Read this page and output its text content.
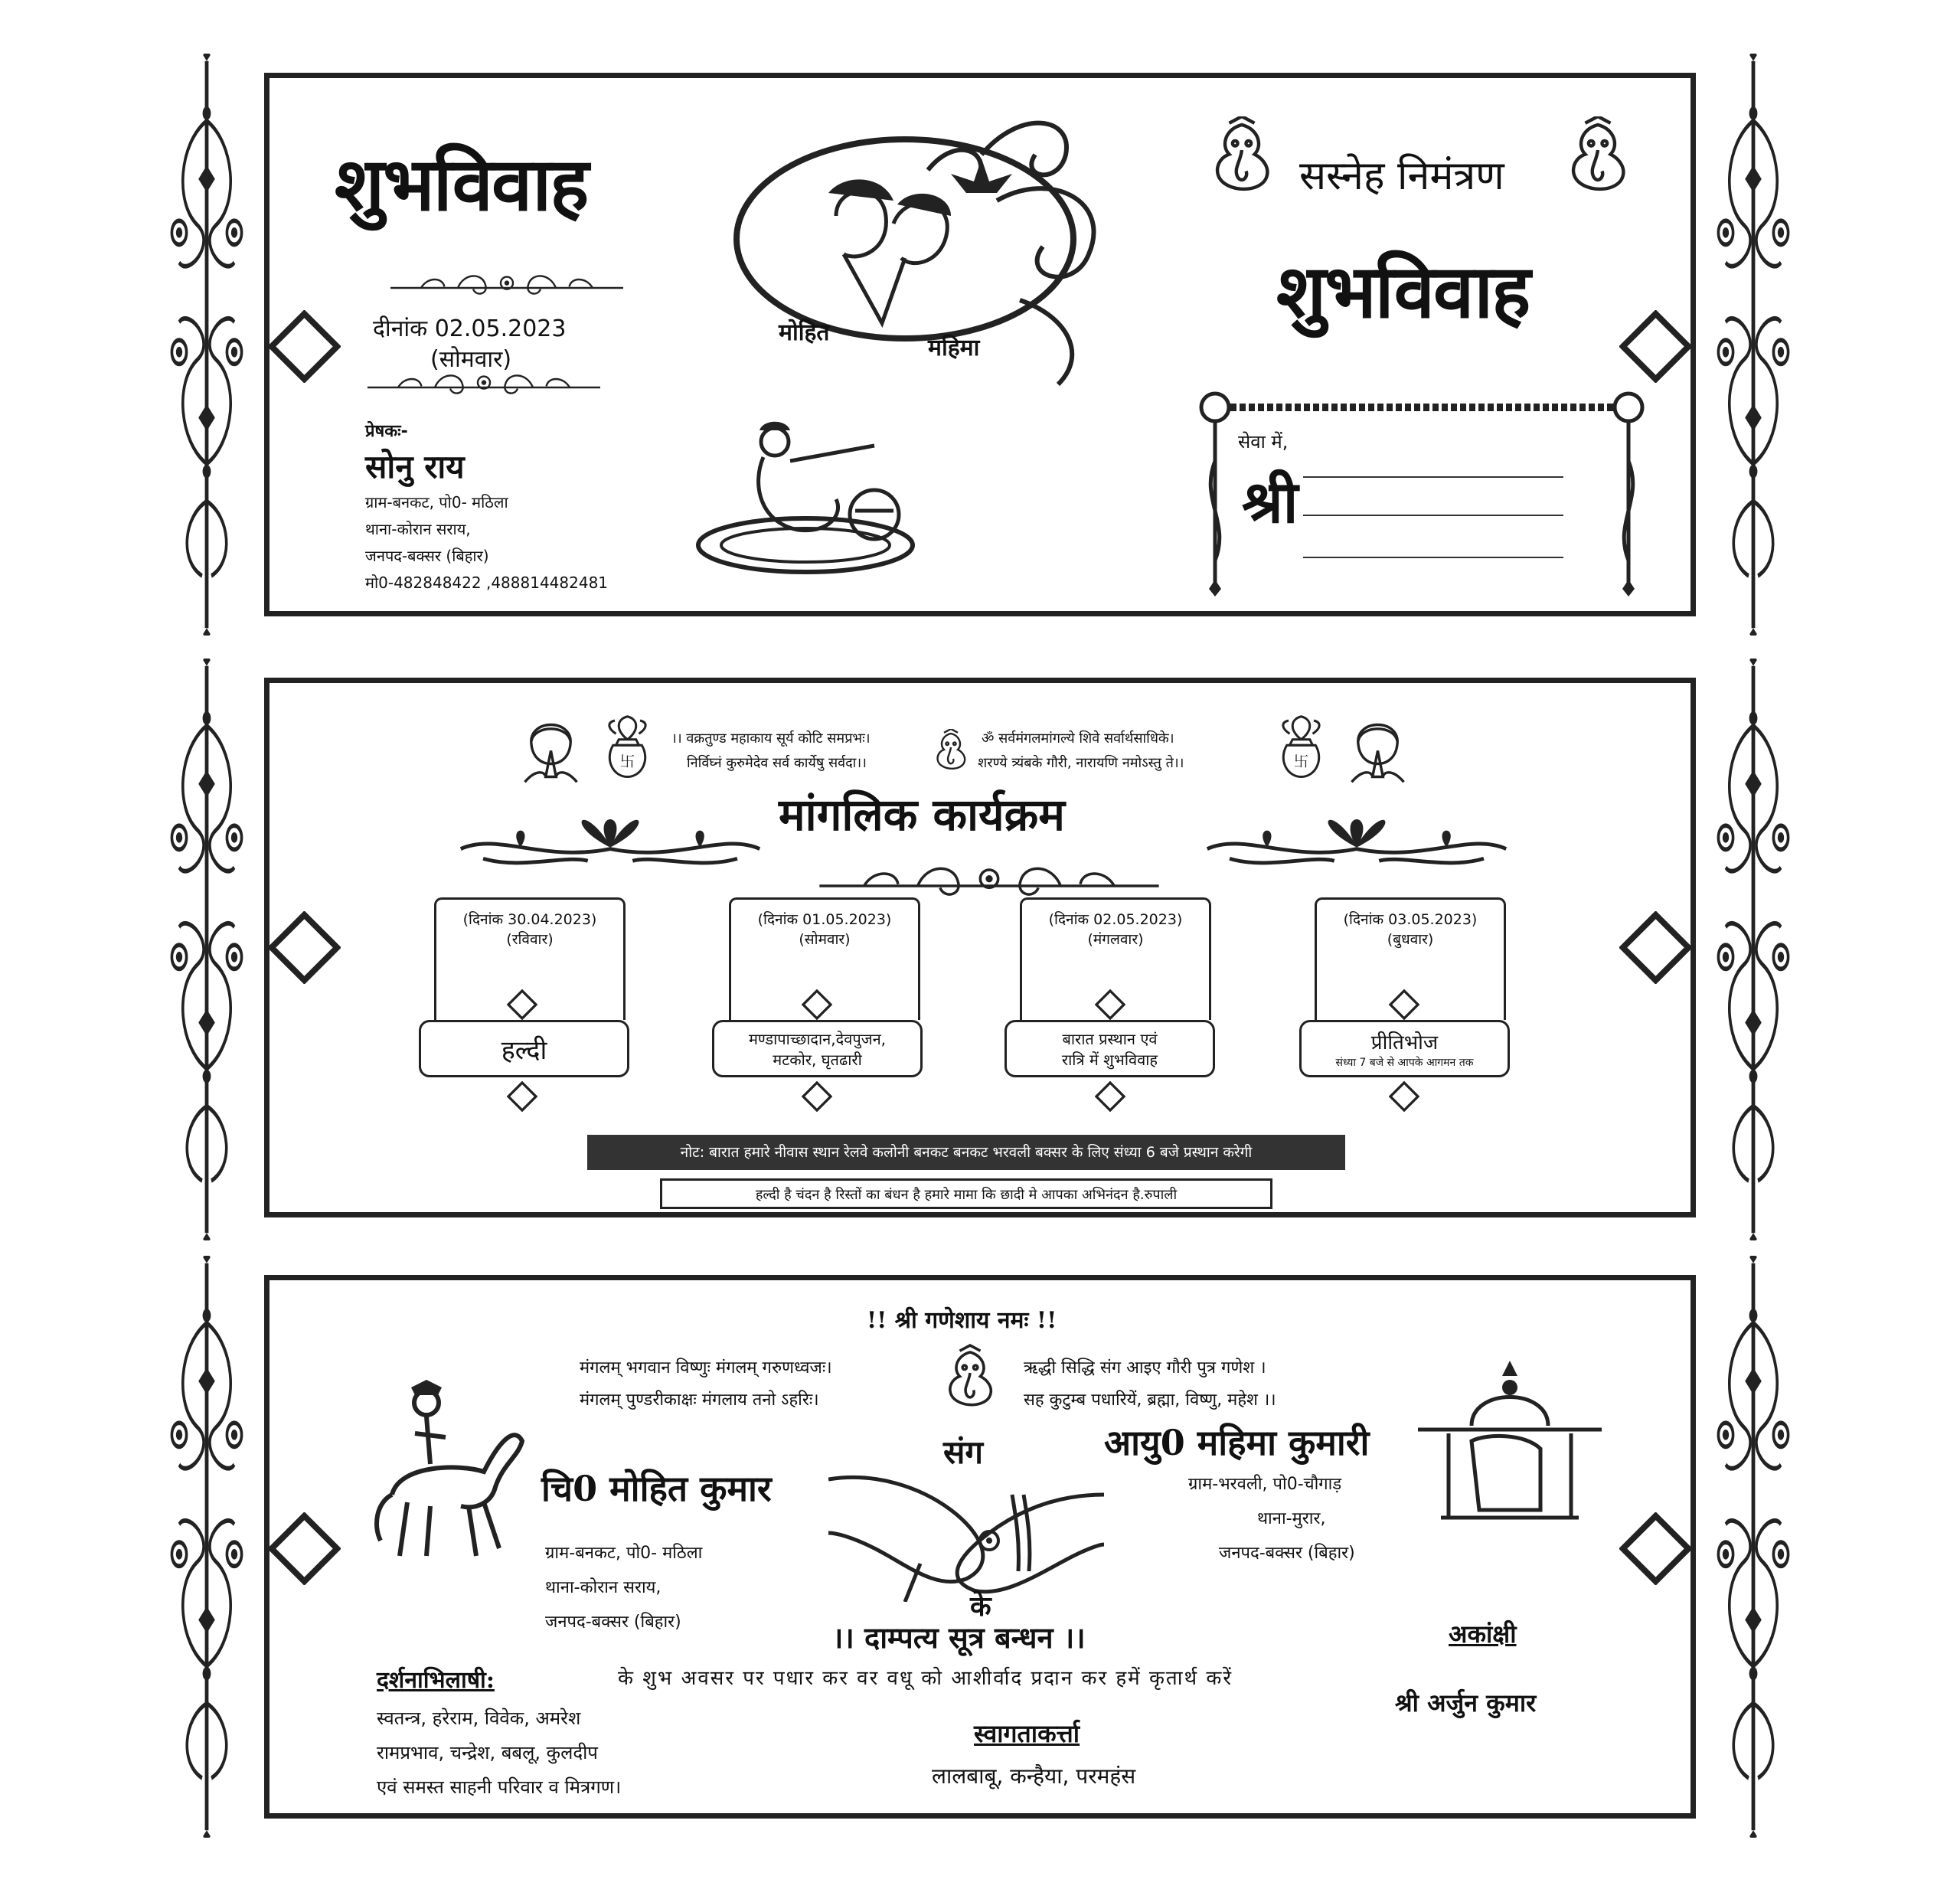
शुभविवाह
दीनांक 02.05.2023
(सोमवार)
प्रेषकः-
सोनु राय
ग्राम-बनकट, पो0- मठिला
थाना-कोरान सराय,
जनपद-बक्सर (बिहार)
मो0-482848422 ,488814482481
मोहित
महिमा
सस्नेह निमंत्रण
शुभविवाह
सेवा में,
श्री
।। वक्रतुण्ड महाकाय सूर्य कोटि समप्रभः।
निर्विघ्नं कुरुमेदेव सर्व कार्येषु सर्वदा।।
ॐ सर्वमंगलमांगल्ये शिवे सर्वार्थसाधिके।
शरण्ये त्र्यंबके गौरी, नारायणि नमोऽस्तु ते।।
मांगलिक कार्यक्रम
(दिनांक 30.04.2023)
(रविवार)
हल्दी
(दिनांक 01.05.2023)
(सोमवार)
मण्डापाच्छादान,देवपुजन,
मटकोर, घृतढारी
(दिनांक 02.05.2023)
(मंगलवार)
बारात प्रस्थान एवं
रात्रि में शुभविवाह
(दिनांक 03.05.2023)
(बुधवार)
प्रीतिभोज
संध्या 7 बजे से आपके आगमन तक
नोट: बारात हमारे नीवास स्थान रेलवे कलोनी बनकट बनकट भरवली बक्सर के लिए संध्या 6 बजे प्रस्थान करेगी
हल्दी है चंदन है रिस्तों का बंधन है हमारे मामा कि छादी मे आपका अभिनंदन है.रुपाली
!! श्री गणेशाय नमः !!
मंगलम् भगवान विष्णुः मंगलम् गरुणध्वजः।
मंगलम् पुण्डरीकाक्षः मंगलाय तनो ऽहरिः।
ऋद्धी सिद्धि संग आइए गौरी पुत्र गणेश ।
सह कुटुम्ब पधारियें, ब्रह्मा, विष्णु, महेश ।।
चि0 मोहित कुमार
ग्राम-बनकट, पो0- मठिला
थाना-कोरान सराय,
जनपद-बक्सर (बिहार)
संग
के
।। दाम्पत्य सूत्र बन्धन ।।
आयु0 महिमा कुमारी
ग्राम-भरवली, पो0-चौगाड़
थाना-मुरार,
जनपद-बक्सर (बिहार)
दर्शनाभिलाषी:
स्वतन्त्र, हरेराम, विवेक, अमरेश
रामप्रभाव, चन्द्रेश, बबलू, कुलदीप
एवं समस्त साहनी परिवार व मित्रगण।
के शुभ अवसर पर पधार कर वर वधू को आशीर्वाद प्रदान कर हमें कृतार्थ करें
स्वागताकर्त्ता
लालबाबू, कन्हैया, परमहंस
अकांक्षी
श्री अर्जुन कुमार
